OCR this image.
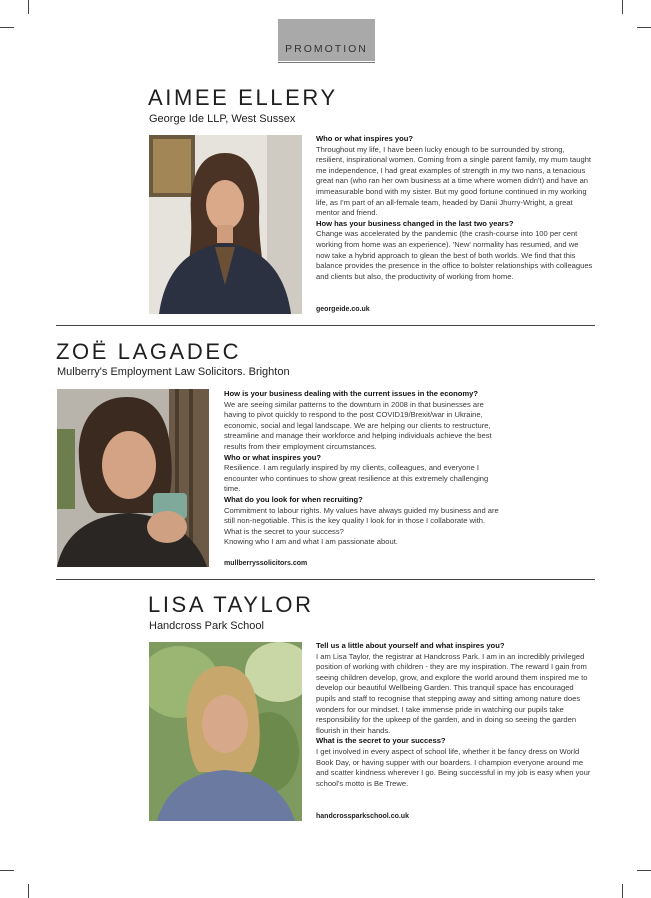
PROMOTION
AIMEE ELLERY
George Ide LLP, West Sussex
Who or what inspires you?
Throughout my life, I have been lucky enough to be surrounded by strong, resilient, inspirational women. Coming from a single parent family, my mum taught me independence, I had great examples of strength in my two nans, a tenacious great nan (who ran her own business at a time where women didn't) and have an immeasurable bond with my sister. But my good fortune continued in my working life, as I'm part of an all-female team, headed by Danii Jhurry-Wright, a great mentor and friend.
How has your business changed in the last two years?
Change was accelerated by the pandemic (the crash-course into 100 per cent working from home was an experience). 'New' normality has resumed, and we now take a hybrid approach to glean the best of both worlds. We find that this balance provides the presence in the office to bolster relationships with colleagues and clients but also, the productivity of working from home.
georgeide.co.uk
ZOË LAGADEC
Mulberry's Employment Law Solicitors. Brighton
How is your business dealing with the current issues in the economy?
We are seeing similar patterns to the downturn in 2008 in that businesses are having to pivot quickly to respond to the post COVID19/Brexit/war in Ukraine, economic, social and legal landscape. We are helping our clients to restructure, streamline and manage their workforce and helping individuals achieve the best results from their employment circumstances.
Who or what inspires you?
Resilience. I am regularly inspired by my clients, colleagues, and everyone I encounter who continues to show great resilience at this extremely challenging time.
What do you look for when recruiting?
Commitment to labour rights. My values have always guided my business and are still non-negotiable. This is the key quality I look for in those I collaborate with.
What is the secret to your success?
Knowing who I am and what I am passionate about.
mullberryssolicitors.com
LISA TAYLOR
Handcross Park School
Tell us a little about yourself and what inspires you?
I am Lisa Taylor, the registrar at Handcross Park. I am in an incredibly privileged position of working with children - they are my inspiration. The reward I gain from seeing children develop, grow, and explore the world around them inspired me to develop our beautiful Wellbeing Garden. This tranquil space has encouraged pupils and staff to recognise that stepping away and sitting among nature does wonders for our mindset. I take immense pride in watching our pupils take responsibility for the upkeep of the garden, and in doing so seeing the garden flourish in their hands.
What is the secret to your success?
I get involved in every aspect of school life, whether it be fancy dress on World Book Day, or having supper with our boarders. I champion everyone around me and scatter kindness wherever I go. Being successful in my job is easy when your school's motto is Be Trewe.
handcrossparkschool.co.uk
